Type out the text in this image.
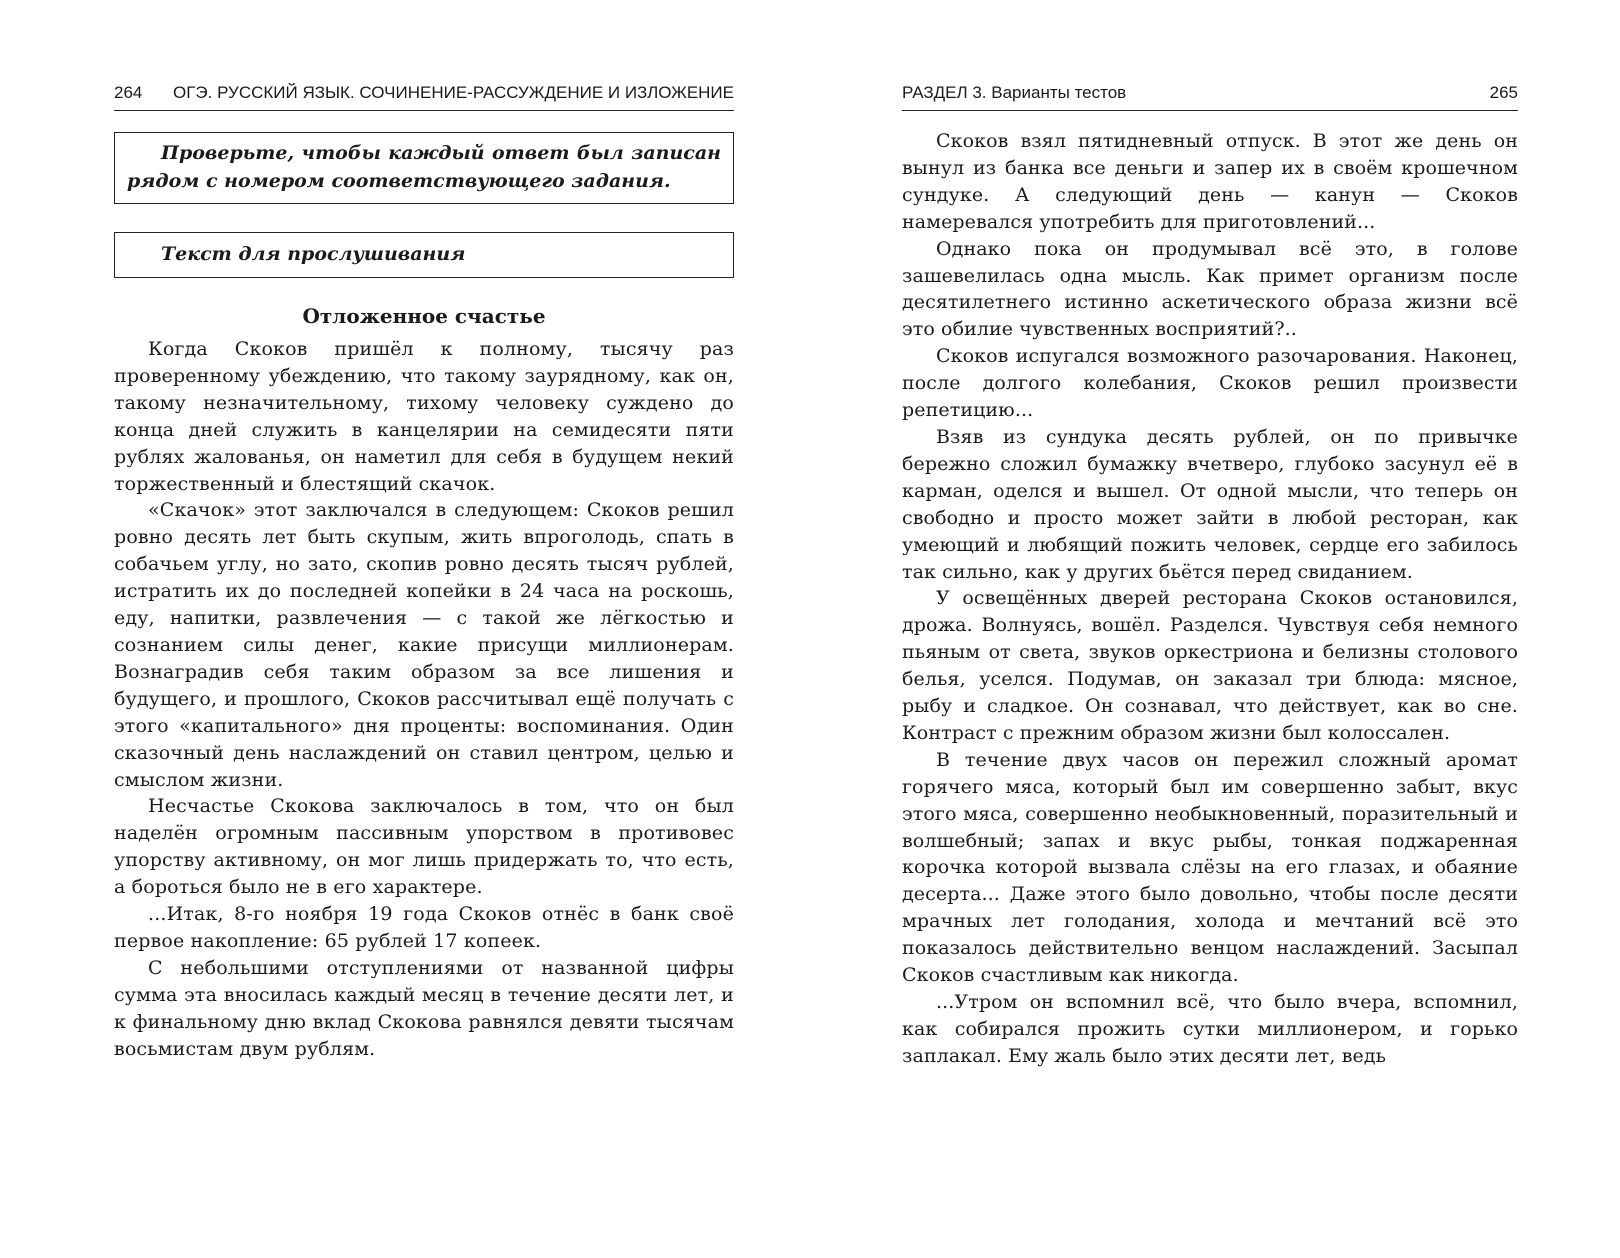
264 ОГЭ. РУССКИЙ ЯЗЫК. СОЧИНЕНИЕ-РАССУЖДЕНИЕ И ИЗЛОЖЕНИЕ
Проверьте, чтобы каждый ответ был записан рядом с номером соответствующего задания.
Текст для прослушивания
Отложенное счастье

Когда Скоков пришёл к полному, тысячу раз проверенному убеждению, что такому заурядному, как он, такому незначительному, тихому человеку суждено до конца дней служить в канцелярии на семидесяти пяти рублях жалованья, он наметил для себя в будущем некий торжественный и блестящий скачок.

«Скачок» этот заключался в следующем: Скоков решил ровно десять лет быть скупым, жить впроголодь, спать в собачьем углу, но зато, скопив ровно десять тысяч рублей, истратить их до последней копейки в 24 часа на роскошь, еду, напитки, развлечения — с такой же лёгкостью и сознанием силы денег, какие присущи миллионерам. Вознаградив себя таким образом за все лишения и будущего, и прошлого, Скоков рассчитывал ещё получать с этого «капитального» дня проценты: воспоминания. Один сказочный день наслаждений он ставил центром, целью и смыслом жизни.

Несчастье Скокова заключалось в том, что он был наделён огромным пассивным упорством в противовес упорству активному, он мог лишь придержать то, что есть, а бороться было не в его характере.

...Итак, 8-го ноября 19 года Скоков отнёс в банк своё первое накопление: 65 рублей 17 копеек.

С небольшими отступлениями от названной цифры сумма эта вносилась каждый месяц в течение десяти лет, и к финальному дню вклад Скокова равнялся девяти тысячам восьмистам двум рублям.

РАЗДЕЛ 3. Варианты тестов	265

Скоков взял пятидневный отпуск. В этот же день он вынул из банка все деньги и запер их в своём крошечном сундуке. А следующий день — канун — Скоков намеревался употребить для приготовлений...

Однако пока он продумывал всё это, в голове зашевелилась одна мысль. Как примет организм после десятилетнего истинно аскетического образа жизни всё это обилие чувственных восприятий?..

Скоков испугался возможного разочарования. Наконец, после долгого колебания, Скоков решил произвести репетицию...

Взяв из сундука десять рублей, он по привычке бережно сложил бумажку вчетверо, глубоко засунул её в карман, оделся и вышел. От одной мысли, что теперь он свободно и просто может зайти в любой ресторан, как умеющий и любящий пожить человек, сердце его забилось так сильно, как у других бьётся перед свиданием.

У освещённых дверей ресторана Скоков остановился, дрожа. Волнуясь, вошёл. Разделся. Чувствуя себя немного пьяным от света, звуков оркестриона и белизны столового белья, уселся. Подумав, он заказал три блюда: мясное, рыбу и сладкое. Он сознавал, что действует, как во сне. Контраст с прежним образом жизни был колоссален.

В течение двух часов он пережил сложный аромат горячего мяса, который был им совершенно забыт, вкус этого мяса, совершенно необыкновенный, поразительный и волшебный; запах и вкус рыбы, тонкая поджаренная корочка которой вызвала слёзы на его глазах, и обаяние десерта... Даже этого было довольно, чтобы после десяти мрачных лет голодания, холода и мечтаний всё это показалось действительно венцом наслаждений. Засыпал Скоков счастливым как никогда.

...Утром он вспомнил всё, что было вчера, вспомнил, как собирался прожить сутки миллионером, и горько заплакал. Ему жаль было этих десяти лет, ведь
